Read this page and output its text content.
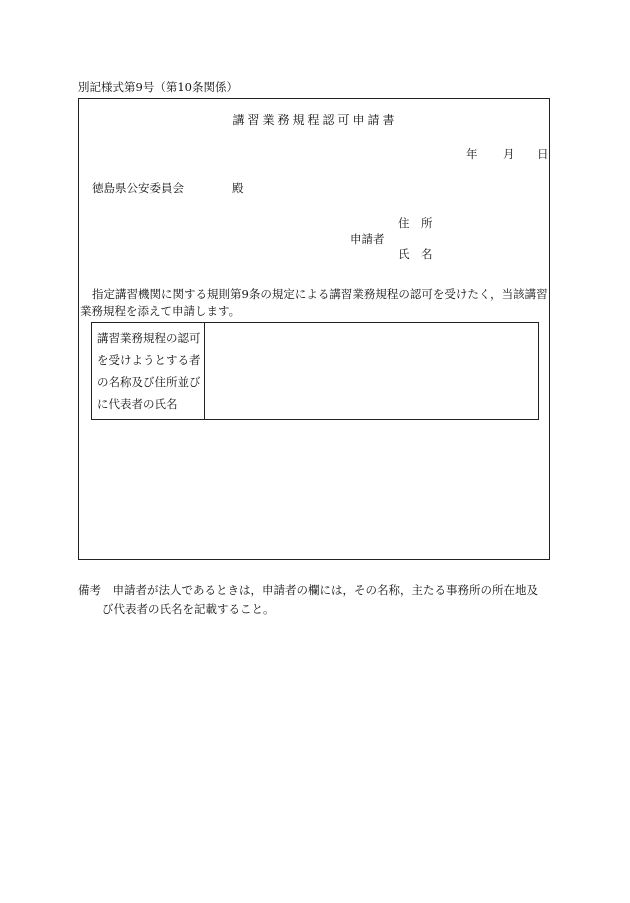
別記様式第9号（第10条関係）
講習業務規程認可申請書
年 月 日
徳島県公安委員会	殿
住　所
申請者
氏　名
指定講習機関に関する規則第9条の規定による講習業務規程の認可を受けたく，当該講習
業務規程を添えて申請します。
講習業務規程の認可
を受けようとする者
の名称及び住所並び
に代表者の氏名
備考　申請者が法人であるときは，申請者の欄には，その名称，主たる事務所の所在地及
び代表者の氏名を記載すること。
